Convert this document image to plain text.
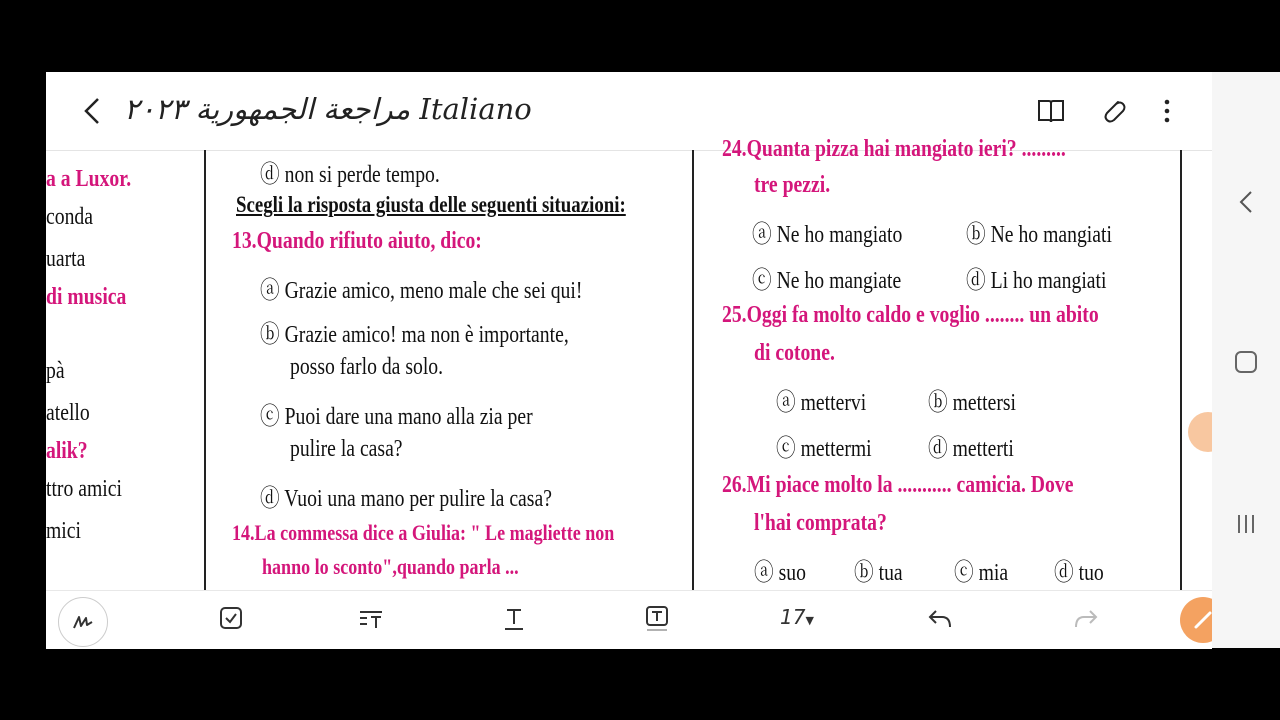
مراجعة الجمهورية ٢٠٢٣ Italiano
a a Luxor.
conda
uarta
di musica
pà
atello
alik?
ttro amici
mici
ⓓ non si perde tempo.
Scegli la risposta giusta delle seguenti situazioni:
13.Quando rifiuto aiuto, dico:
ⓐ Grazie amico, meno male che sei qui!
ⓑ Grazie amico! ma non è importante,
posso farlo da solo.
ⓒ Puoi dare una mano alla zia per
pulire la casa?
ⓓ Vuoi una mano per pulire la casa?
14.La commessa dice a Giulia: " Le magliette non
hanno lo sconto",quando parla ...
24.Quanta pizza hai mangiato ieri? .........
tre pezzi.
ⓐ Ne ho mangiato	ⓑ Ne ho mangiati
ⓒ Ne ho mangiate	ⓓ Li ho mangiati
25.Oggi fa molto caldo e voglio ........ un abito
di cotone.
ⓐ mettervi	ⓑ mettersi
ⓒ mettermi ⓓ metterti
26.Mi piace molto la ........... camicia. Dove
l'hai comprata?
ⓐ suo ⓑ tua ⓒ mia ⓓ tuo
17▼
